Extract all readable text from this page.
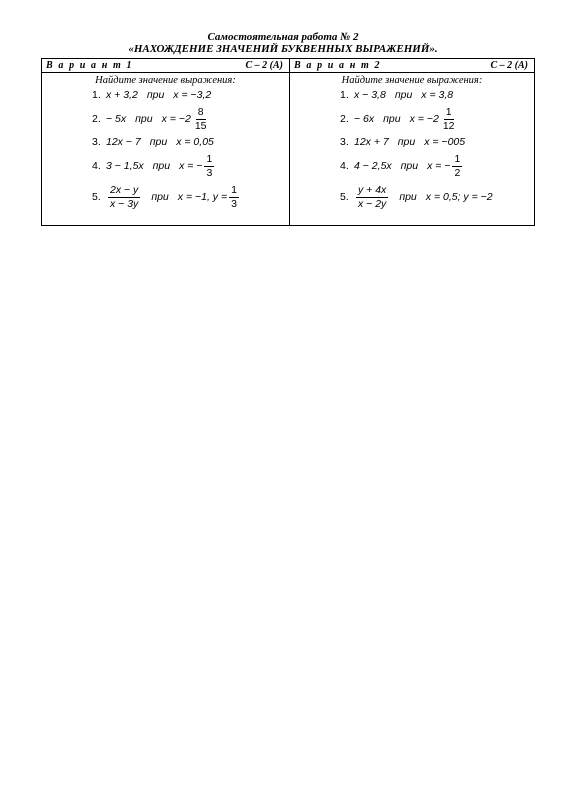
Самостоятельная работа № 2
«НАХОЖДЕНИЕ ЗНАЧЕНИЙ БУКВЕННЫХ ВЫРАЖЕНИЙ».
В а р и а н т 1	С – 2 (А)
Найдите значение выражения:
1. x + 3,2 при x = −3,2
2. − 5x при $x = -2 \frac{8}{15}$
3. 12x − 7 при x = 0,05
4. 3 − 1,5x при x = − $\frac{1}{3}$
5. $\frac{2x - y}{x - 3y}$ при x = −1, $y = \frac{1}{3}$
В а р и а н т 2	С – 2 (А)
Найдите значение выражения:
1. x − 3,8 при x = 3,8
2. − 6x при $x = -2 \frac{1}{12}$
3. 12x + 7 при x = −005
4. 4 − 2,5x при x = − $\frac{1}{2}$
5. $\frac{y + 4x}{x - 2y}$ при x = 0,5; y = −2
